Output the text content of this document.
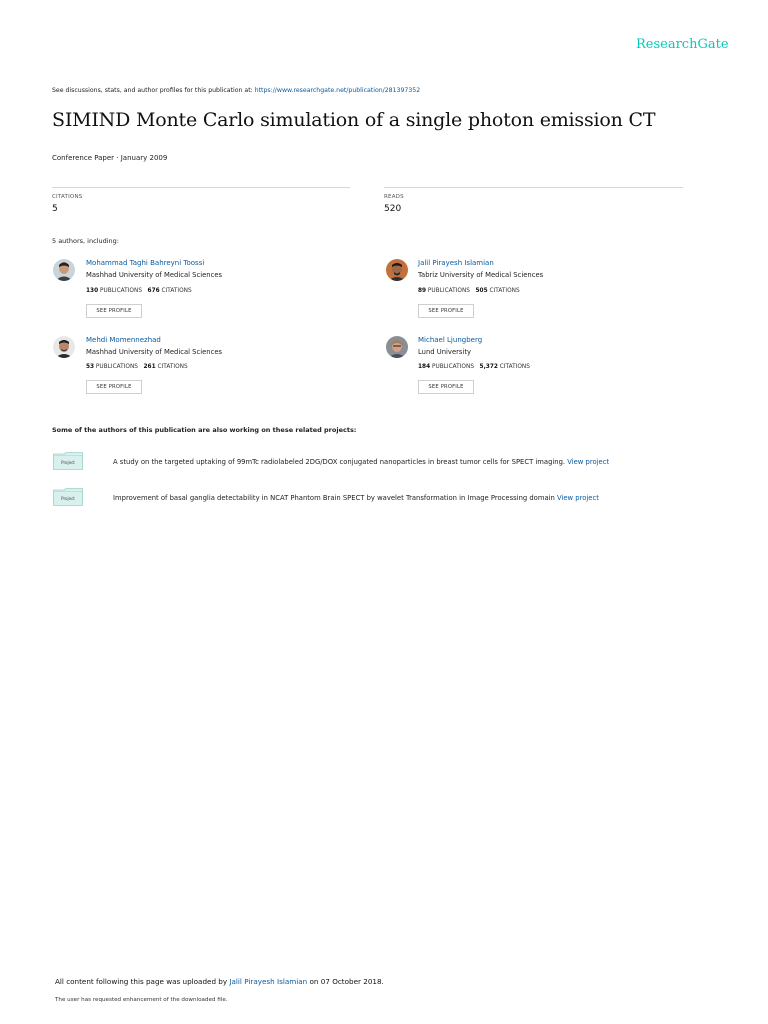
ResearchGate
See discussions, stats, and author profiles for this publication at: https://www.researchgate.net/publication/281397352
SIMIND Monte Carlo simulation of a single photon emission CT
Conference Paper · January 2009
CITATIONS
5
READS
520
5 authors, including:
Mohammad Taghi Bahreyni Toossi
Mashhad University of Medical Sciences
130 PUBLICATIONS 676 CITATIONS
SEE PROFILE
Jalil Pirayesh Islamian
Tabriz University of Medical Sciences
89 PUBLICATIONS 505 CITATIONS
SEE PROFILE
Mehdi Momennezhad
Mashhad University of Medical Sciences
53 PUBLICATIONS 261 CITATIONS
SEE PROFILE
Michael Ljungberg
Lund University
184 PUBLICATIONS 5,372 CITATIONS
SEE PROFILE
Some of the authors of this publication are also working on these related projects:
Project	A study on the targeted uptaking of 99mTc radiolabeled 2DG/DOX conjugated nanoparticles in breast tumor cells for SPECT imaging. View project
Project	Improvement of basal ganglia detectability in NCAT Phantom Brain SPECT by wavelet Transformation in Image Processing domain View project
All content following this page was uploaded by Jalil Pirayesh Islamian on 07 October 2018.
The user has requested enhancement of the downloaded file.
